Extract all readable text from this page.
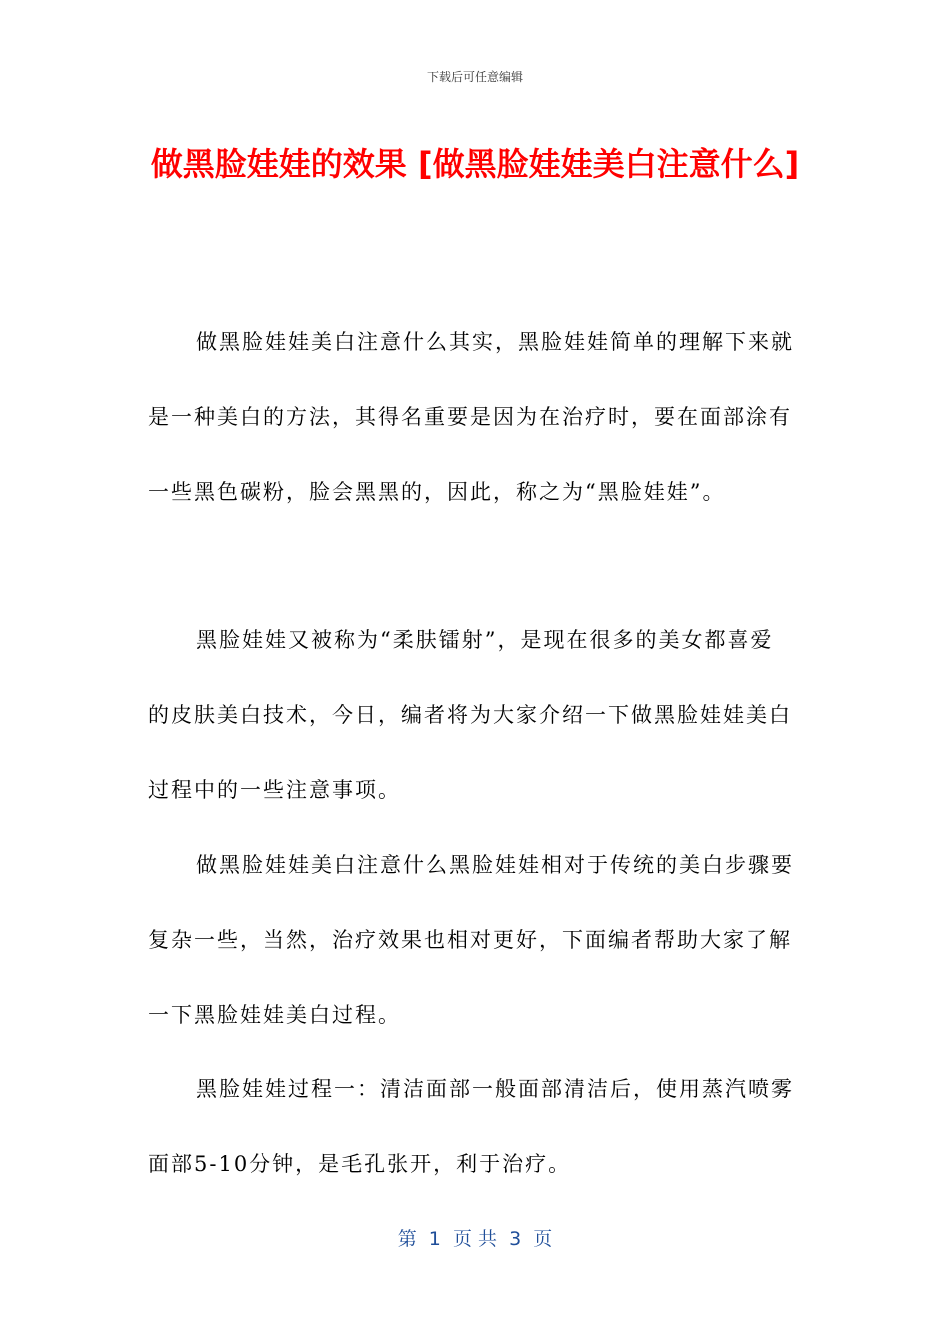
下载后可任意编辑
做黑脸娃娃的效果 [做黑脸娃娃美白注意什么]

做黑脸娃娃美白注意什么其实，黑脸娃娃简单的理解下来就是一种美白的方法，其得名重要是因为在治疗时，要在面部涂有一些黑色碳粉，脸会黑黑的，因此，称之为“黑脸娃娃”。

黑脸娃娃又被称为“柔肤镭射”，是现在很多的美女都喜爱的皮肤美白技术，今日，编者将为大家介绍一下做黑脸娃娃美白过程中的一些注意事项。

做黑脸娃娃美白注意什么黑脸娃娃相对于传统的美白步骤要复杂一些，当然，治疗效果也相对更好，下面编者帮助大家了解一下黑脸娃娃美白过程。

黑脸娃娃过程一：清洁面部一般面部清洁后，使用蒸汽喷雾面部5-10分钟，是毛孔张开，利于治疗。

第  1  页 共  3  页
